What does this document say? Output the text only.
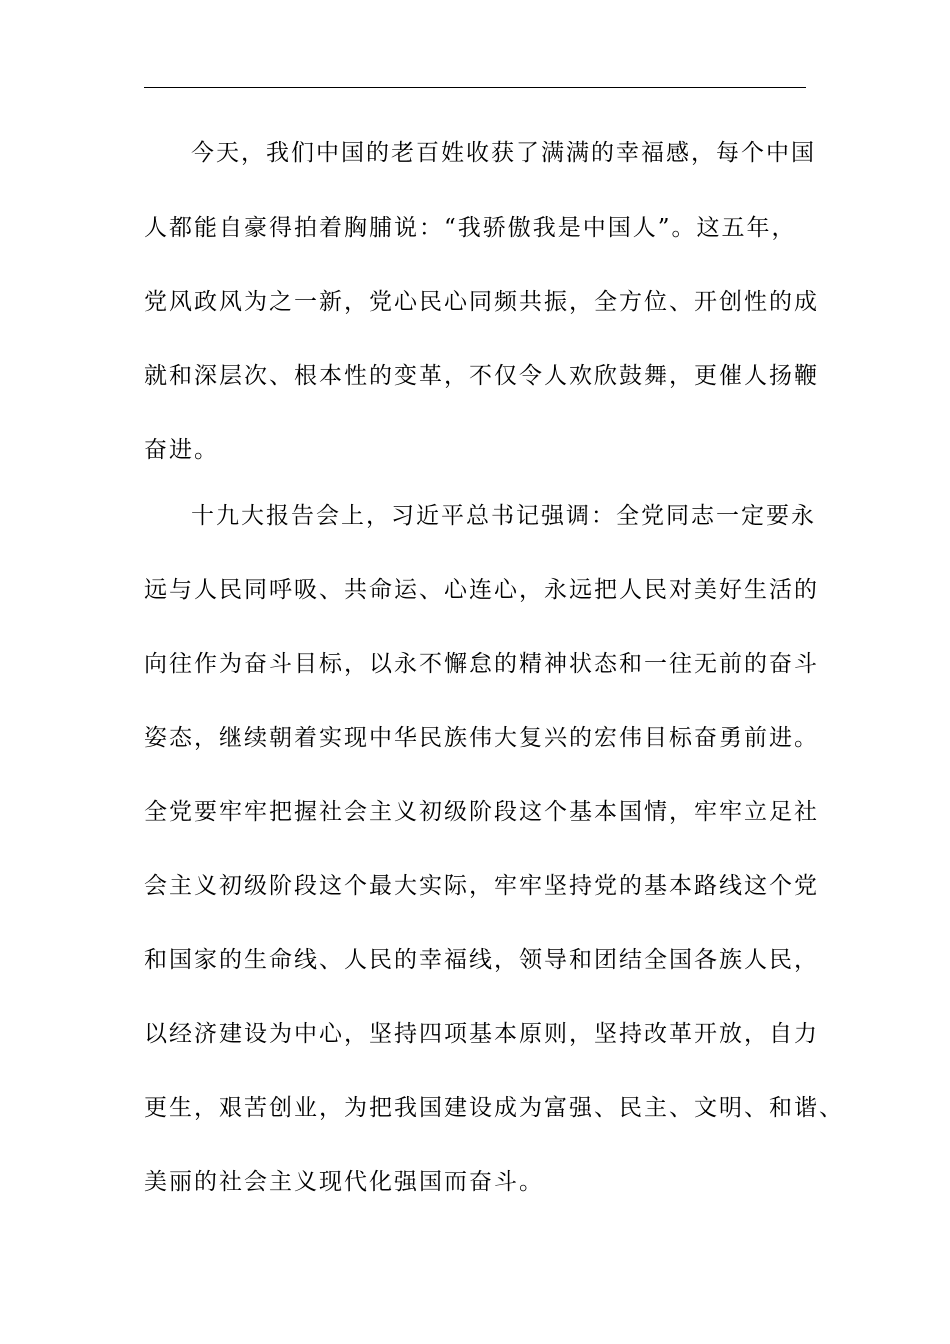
今天，我们中国的老百姓收获了满满的幸福感，每个中国
人都能自豪得拍着胸脯说：“我骄傲我是中国人”。这五年，
党风政风为之一新，党心民心同频共振，全方位、开创性的成
就和深层次、根本性的变革，不仅令人欢欣鼓舞，更催人扬鞭
奋进。
十九大报告会上，习近平总书记强调：全党同志一定要永
远与人民同呼吸、共命运、心连心，永远把人民对美好生活的
向往作为奋斗目标，以永不懈怠的精神状态和一往无前的奋斗
姿态，继续朝着实现中华民族伟大复兴的宏伟目标奋勇前进。
全党要牢牢把握社会主义初级阶段这个基本国情，牢牢立足社
会主义初级阶段这个最大实际，牢牢坚持党的基本路线这个党
和国家的生命线、人民的幸福线，领导和团结全国各族人民，
以经济建设为中心，坚持四项基本原则，坚持改革开放，自力
更生，艰苦创业，为把我国建设成为富强、民主、文明、和谐、
美丽的社会主义现代化强国而奋斗。
